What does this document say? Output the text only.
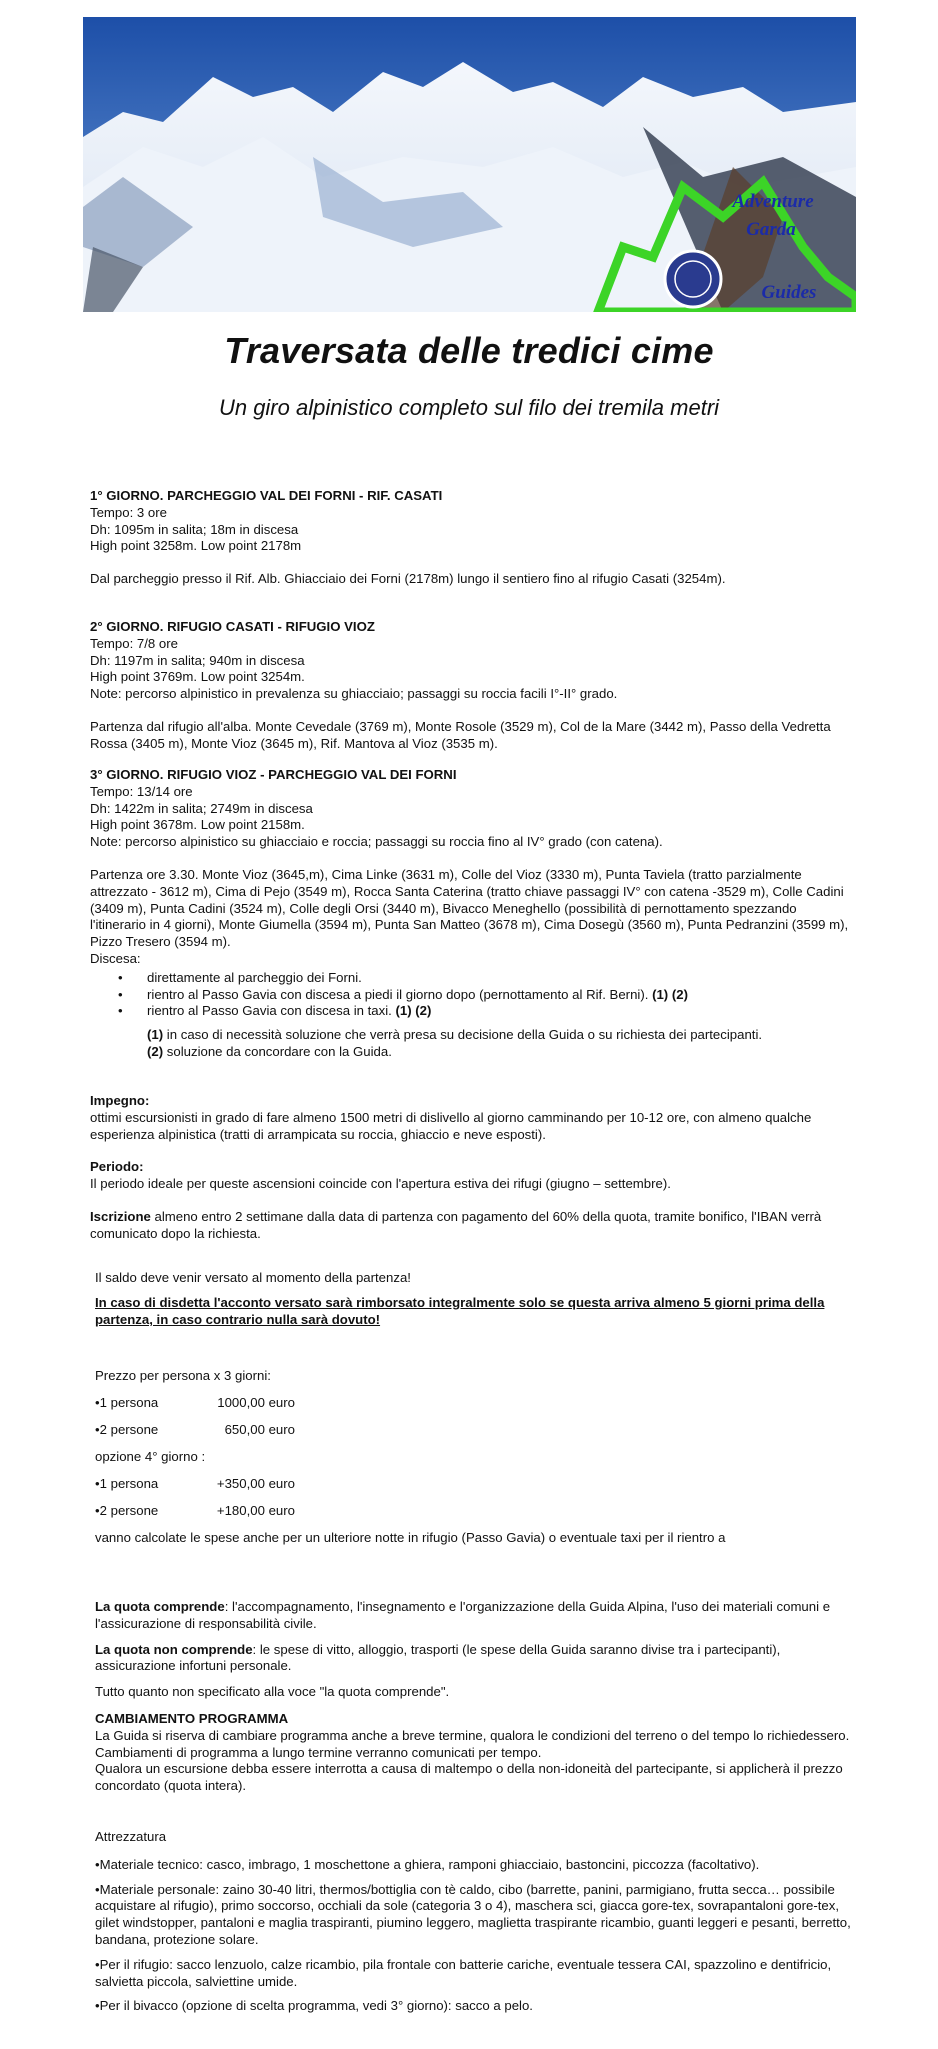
Adventure
Garda
Guides
Traversata delle tredici cime
Un giro alpinistico completo sul filo dei tremila metri

1° GIORNO. PARCHEGGIO VAL DEI FORNI - RIF. CASATI

Tempo: 3 ore

Dh: 1095m in salita; 18m in discesa

High point 3258m. Low point 2178m

Dal parcheggio presso il Rif. Alb. Ghiacciaio dei Forni (2178m) lungo il sentiero fino al rifugio Casati (3254m).

2° GIORNO. RIFUGIO CASATI - RIFUGIO VIOZ

Tempo: 7/8 ore

Dh: 1197m in salita; 940m in discesa

High point 3769m. Low point 3254m.

Note: percorso alpinistico in prevalenza su ghiacciaio; passaggi su roccia facili I°-II° grado.

Partenza dal rifugio all'alba. Monte Cevedale (3769 m), Monte Rosole (3529 m), Col de la Mare (3442 m), Passo della Vedretta Rossa (3405 m), Monte Vioz (3645 m), Rif. Mantova al Vioz (3535 m).

3° GIORNO. RIFUGIO VIOZ - PARCHEGGIO VAL DEI FORNI

Tempo: 13/14 ore

Dh: 1422m in salita; 2749m in discesa

High point 3678m. Low point 2158m.

Note: percorso alpinistico su ghiacciaio e roccia; passaggi su roccia fino al IV° grado (con catena).

Partenza ore 3.30. Monte Vioz (3645,m), Cima Linke (3631 m), Colle del Vioz (3330 m), Punta Taviela (tratto parzialmente attrezzato - 3612 m), Cima di Pejo (3549 m), Rocca Santa Caterina (tratto chiave passaggi IV° con catena -3529 m), Colle Cadini (3409 m), Punta Cadini (3524 m), Colle degli Orsi (3440 m), Bivacco Meneghello (possibilità di pernottamento spezzando l'itinerario in 4 giorni), Monte Giumella (3594 m), Punta San Matteo (3678 m), Cima Dosegù (3560 m), Punta Pedranzini (3599 m), Pizzo Tresero (3594 m).

Discesa:

• direttamente al parcheggio dei Forni.
• rientro al Passo Gavia con discesa a piedi il giorno dopo (pernottamento al Rif. Berni). (1) (2)
• rientro al Passo Gavia con discesa in taxi. (1) (2)

(1) in caso di necessità soluzione che verrà presa su decisione della Guida o su richiesta dei partecipanti.

(2) soluzione da concordare con la Guida.

Impegno:

ottimi escursionisti in grado di fare almeno 1500 metri di dislivello al giorno camminando per 10-12 ore, con almeno qualche esperienza alpinistica (tratti di arrampicata su roccia, ghiaccio e neve esposti).

Periodo:

Il periodo ideale per queste ascensioni coincide con l'apertura estiva dei rifugi (giugno – settembre).

Iscrizione almeno entro 2 settimane dalla data di partenza con pagamento del 60% della quota, tramite bonifico, l'IBAN verrà comunicato dopo la richiesta.

Il saldo deve venir versato al momento della partenza!

In caso di disdetta l'acconto versato sarà rimborsato integralmente solo se questa arriva almeno 5 giorni prima della partenza, in caso contrario nulla sarà dovuto!

Prezzo per persona x 3 giorni:

•1 persona	1000,00 euro
•2 persone	650,00 euro

opzione 4° giorno :

•1 persona	+350,00 euro
•2 persone	+180,00 euro

vanno calcolate le spese anche per un ulteriore notte in rifugio (Passo Gavia) o eventuale taxi per il rientro a

La quota comprende: l'accompagnamento, l'insegnamento e l'organizzazione della Guida Alpina, l'uso dei materiali comuni e l'assicurazione di responsabilità civile.

La quota non comprende: le spese di vitto, alloggio, trasporti (le spese della Guida saranno divise tra i partecipanti), assicurazione infortuni personale.

Tutto quanto non specificato alla voce "la quota comprende".

CAMBIAMENTO PROGRAMMA

La Guida si riserva di cambiare programma anche a breve termine, qualora le condizioni del terreno o del tempo lo richiedessero. Cambiamenti di programma a lungo termine verranno comunicati per tempo.

Qualora un escursione debba essere interrotta a causa di maltempo o della non-idoneità del partecipante, si applicherà il prezzo concordato (quota intera).

Attrezzatura

•Materiale tecnico: casco, imbrago, 1 moschettone a ghiera, ramponi ghiacciaio, bastoncini, piccozza (facoltativo).

•Materiale personale: zaino 30-40 litri, thermos/bottiglia con tè caldo, cibo (barrette, panini, parmigiano, frutta secca… possibile acquistare al rifugio), primo soccorso, occhiali da sole (categoria 3 o 4), maschera sci, giacca gore-tex, sovrapantaloni gore-tex, gilet windstopper, pantaloni e maglia traspiranti, piumino leggero, maglietta traspirante ricambio, guanti leggeri e pesanti, berretto, bandana, protezione solare.

•Per il rifugio: sacco lenzuolo, calze ricambio, pila frontale con batterie cariche, eventuale tessera CAI, spazzolino e dentifricio, salvietta piccola, salviettine umide.

•Per il bivacco (opzione di scelta programma, vedi 3° giorno): sacco a pelo.
